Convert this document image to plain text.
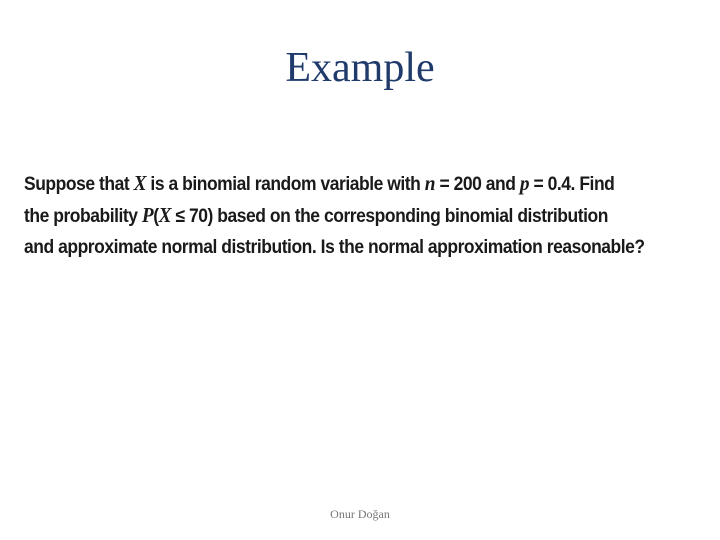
Example
Suppose that X is a binomial random variable with n = 200 and p = 0.4. Find
the probability P(X ≤ 70) based on the corresponding binomial distribution
and approximate normal distribution. Is the normal approximation reasonable?
Onur Doğan
